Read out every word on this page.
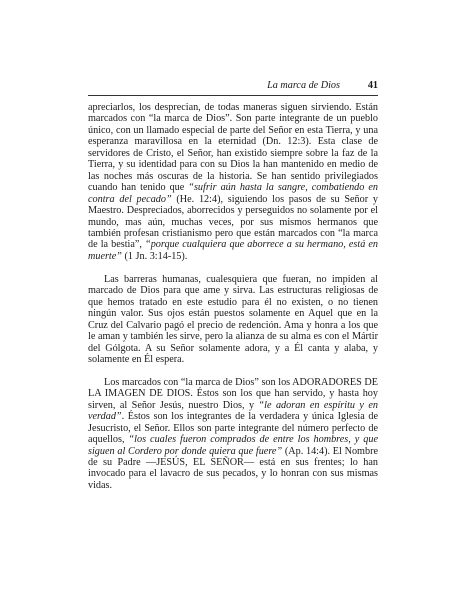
La marca de Dios	41

apreciarlos, los desprecian, de todas maneras siguen sirviendo. Están marcados con “la marca de Dios”. Son parte integrante de un pueblo único, con un llamado especial de parte del Señor en esta Tierra, y una esperanza maravillosa en la eternidad (Dn. 12:3). Esta clase de servidores de Cristo, el Señor, han existido siempre sobre la faz de la Tierra, y su identidad para con su Dios la han mantenido en medio de las noches más oscuras de la historia. Se han sentido privilegiados cuando han tenido que “sufrir aún hasta la sangre, combatiendo en contra del pecado” (He. 12:4), siguiendo los pasos de su Señor y Maestro. Despreciados, aborrecidos y perseguidos no solamente por el mundo, mas aún, muchas veces, por sus mismos hermanos que también profesan cristianismo pero que están marcados con “la marca de la bestia”, “porque cualquiera que aborrece a su hermano, está en muerte” (1 Jn. 3:14-15).

Las barreras humanas, cualesquiera que fueran, no impiden al marcado de Dios para que ame y sirva. Las estructuras religiosas de que hemos tratado en este estudio para él no existen, o no tienen ningún valor. Sus ojos están puestos solamente en Aquel que en la Cruz del Calvario pagó el precio de redención. Ama y honra a los que le aman y también les sirve, pero la alianza de su alma es con el Mártir del Gólgota. A su Señor solamente adora, y a Él canta y alaba, y solamente en Él espera.

Los marcados con “la marca de Dios” son los ADORADORES DE LA IMAGEN DE DIOS. Éstos son los que han servido, y hasta hoy sirven, al Señor Jesús, nuestro Dios, y “le adoran en espíritu y en verdad”. Éstos son los integrantes de la verdadera y única Iglesia de Jesucristo, el Señor. Ellos son parte integrante del número perfecto de aquellos, “los cuales fueron comprados de entre los hombres, y que siguen al Cordero por donde quiera que fuere” (Ap. 14:4). El Nombre de su Padre —JESÚS, EL SEÑOR— está en sus frentes; lo han invocado para el lavacro de sus pecados, y lo honran con sus mismas vidas.
